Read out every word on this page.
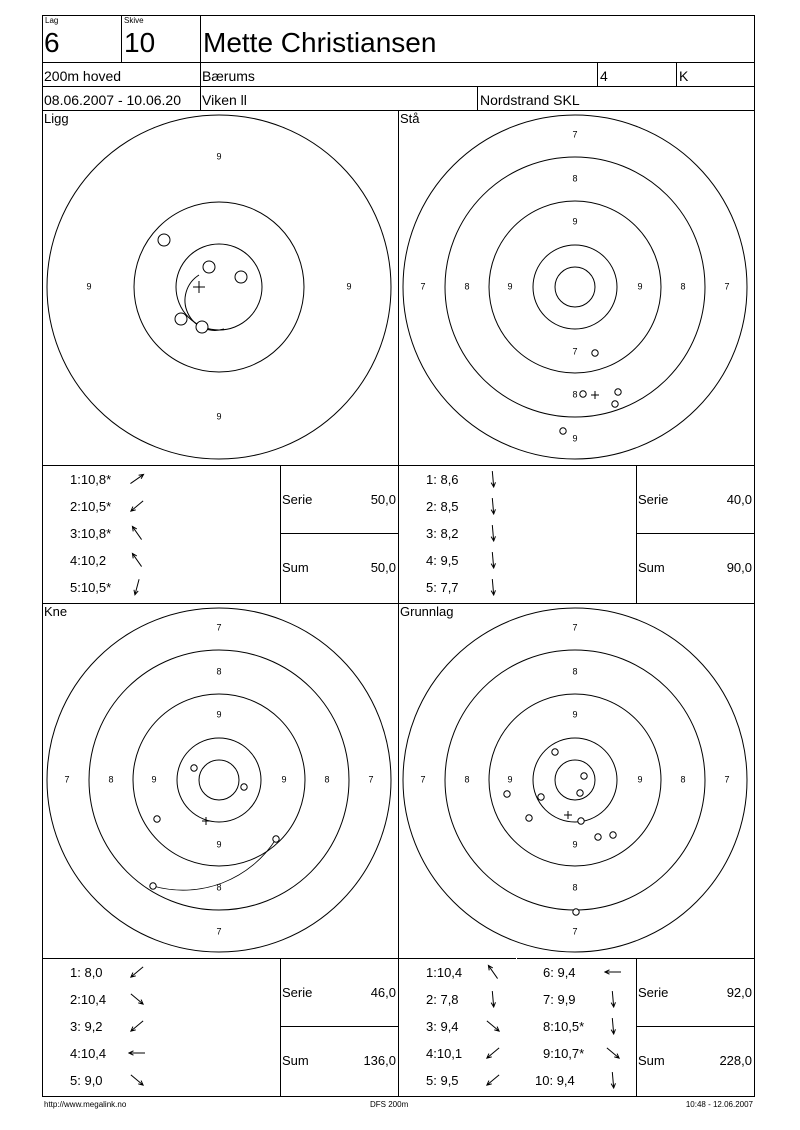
Lag
6
Skive
10 Mette Christiansen
200m hoved	Bærums	4	K
08.06.2007 - 10.06.20 Viken ll	Nordstrand SKL
Ligg	Stå
Kne	Grunnlag
9
9	9
9
7
8
9
7	8	9	9	8	7
7
8
9
7
8
9
7	8	9	9	8	7
9
8
7
7
8
9
7	8	9	9	8	7
9
8
7
1:10,8*
2:10,5*
3:10,8*
4:10,2
5:10,5*
Serie	50,0
Sum	50,0
1: 8,6
2: 8,5
3: 8,2
4: 9,5
5: 7,7
Serie	40,0
Sum	90,0
1: 8,0
2:10,4
3: 9,2
4:10,4
5: 9,0
Serie	46,0
Sum	136,0
1:10,4
2: 7,8
3: 9,4
4:10,1
5: 9,5
6: 9,4
7: 9,9
8:10,5*
9:10,7*
10: 9,4
Serie	92,0
Sum	228,0
http://www.megalink.no	DFS 200m	10:48 - 12.06.2007
